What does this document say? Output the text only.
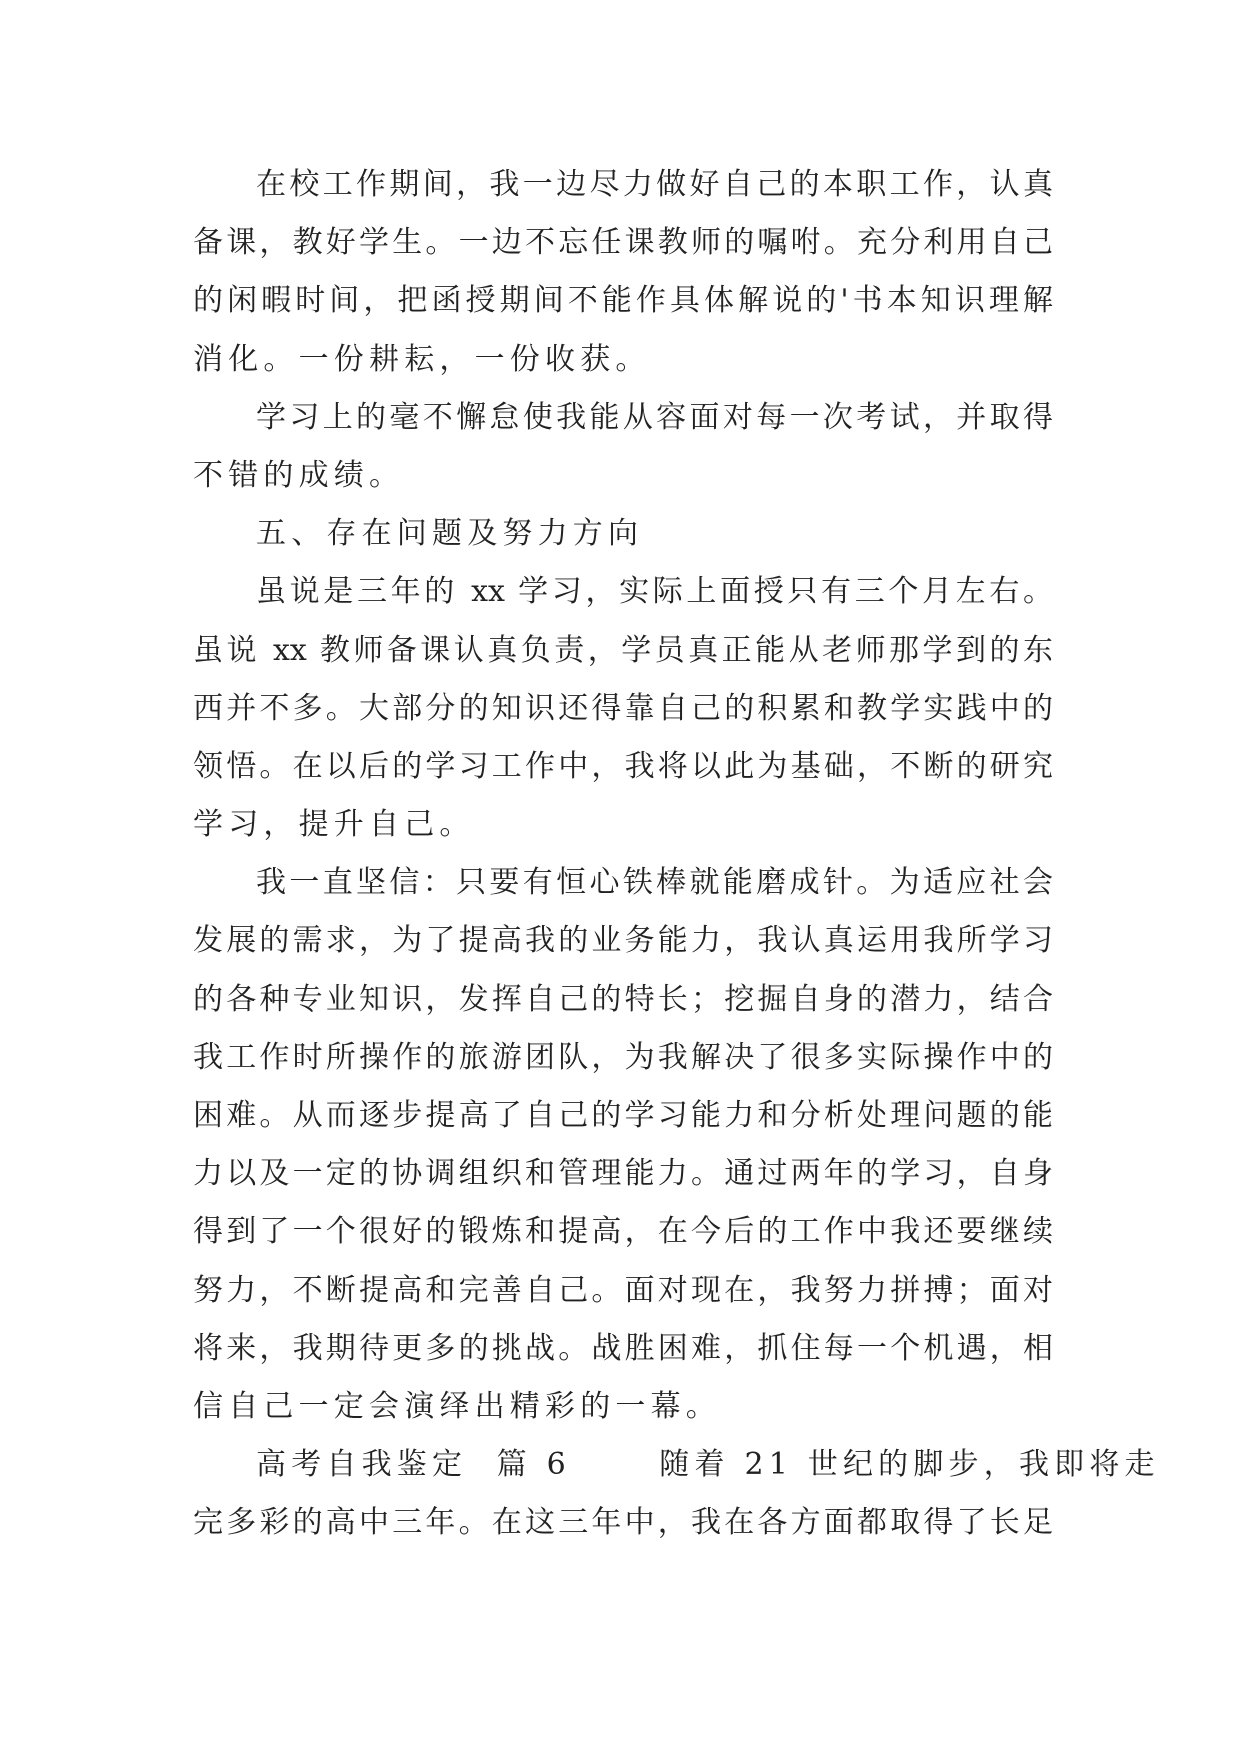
在校工作期间，我一边尽力做好自己的本职工作，认真
备课，教好学生。一边不忘任课教师的嘱咐。充分利用自己
的闲暇时间，把函授期间不能作具体解说的'书本知识理解
消化。一份耕耘，一份收获。
学习上的毫不懈怠使我能从容面对每一次考试，并取得
不错的成绩。
五、存在问题及努力方向
虽说是三年的 xx 学习，实际上面授只有三个月左右。
虽说 xx 教师备课认真负责，学员真正能从老师那学到的东
西并不多。大部分的知识还得靠自己的积累和教学实践中的
领悟。在以后的学习工作中，我将以此为基础，不断的研究
学习，提升自己。
我一直坚信：只要有恒心铁棒就能磨成针。为适应社会
发展的需求，为了提高我的业务能力，我认真运用我所学习
的各种专业知识，发挥自己的特长；挖掘自身的潜力，结合
我工作时所操作的旅游团队，为我解决了很多实际操作中的
困难。从而逐步提高了自己的学习能力和分析处理问题的能
力以及一定的协调组织和管理能力。通过两年的学习，自身
得到了一个很好的锻炼和提高，在今后的工作中我还要继续
努力，不断提高和完善自己。面对现在，我努力拼搏；面对
将来，我期待更多的挑战。战胜困难，抓住每一个机遇，相
信自己一定会演绎出精彩的一幕。
高考自我鉴定  篇 6      随着 21 世纪的脚步，我即将走
完多彩的高中三年。在这三年中，我在各方面都取得了长足
